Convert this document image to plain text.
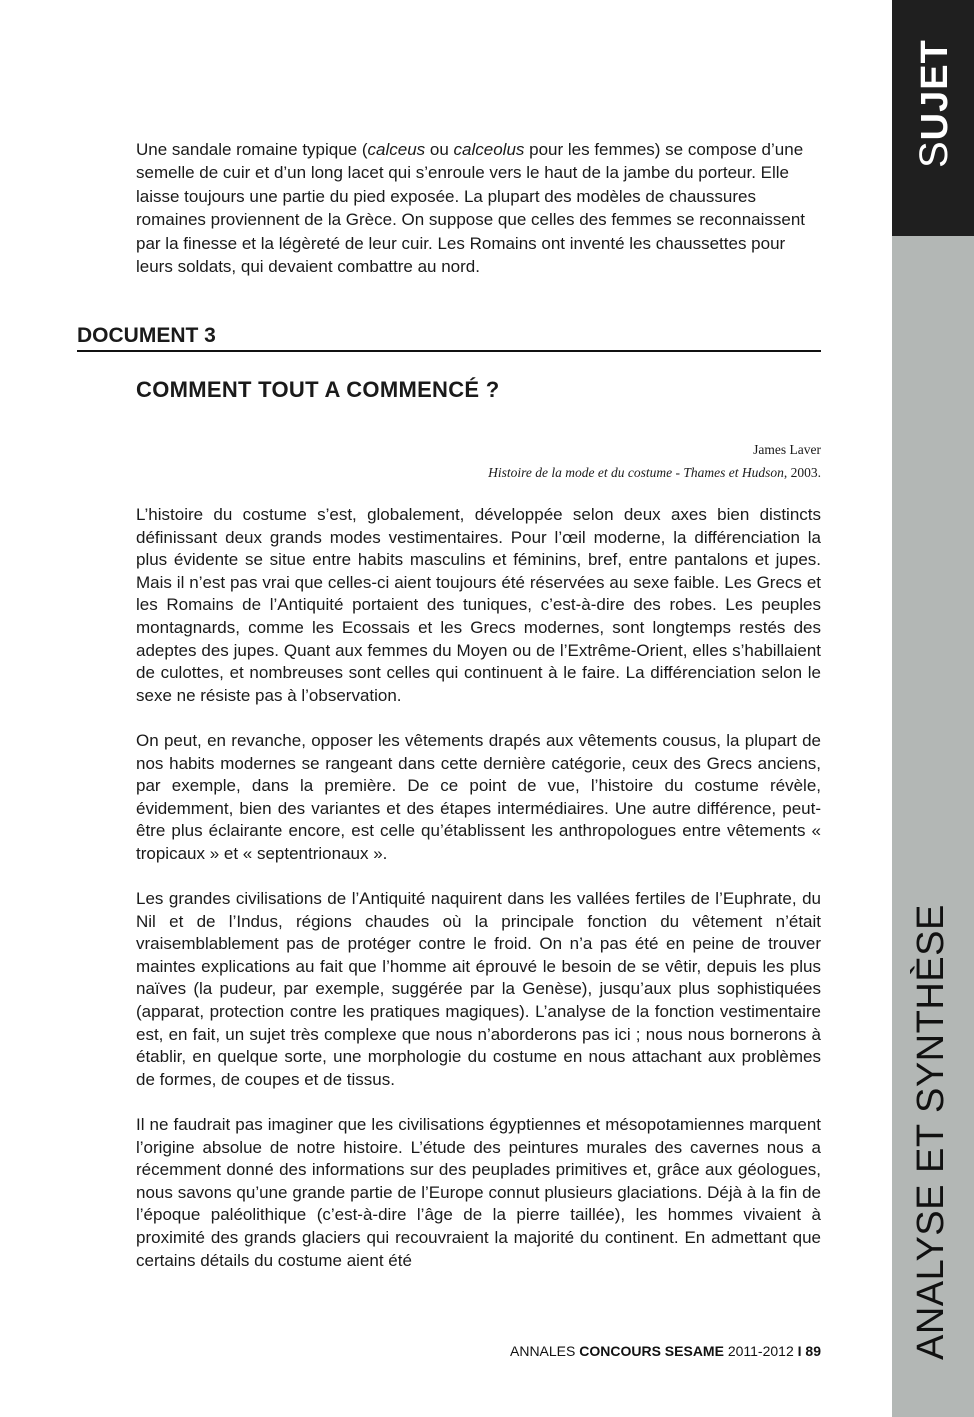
SUJET
ANALYSE ET SYNTHÈSE

Une sandale romaine typique (calceus ou calceolus pour les femmes) se compose d’une semelle de cuir et d’un long lacet qui s’enroule vers le haut de la jambe du porteur. Elle laisse toujours une partie du pied exposée. La plupart des modèles de chaussures romaines proviennent de la Grèce. On suppose que celles des femmes se reconnaissent par la finesse et la légèreté de leur cuir. Les Romains ont inventé les chaussettes pour leurs soldats, qui devaient combattre au nord.

DOCUMENT 3
COMMENT TOUT A COMMENCÉ ?
James Laver
Histoire de la mode et du costume - Thames et Hudson, 2003.

L’histoire du costume s’est, globalement, développée selon deux axes bien distincts définissant deux grands modes vestimentaires. Pour l’œil moderne, la différenciation la plus évidente se situe entre habits masculins et féminins, bref, entre pantalons et jupes. Mais il n’est pas vrai que celles-ci aient toujours été réservées au sexe faible. Les Grecs et les Romains de l’Antiquité portaient des tuniques, c’est-à-dire des robes. Les peuples montagnards, comme les Ecossais et les Grecs modernes, sont longtemps restés des adeptes des jupes. Quant aux femmes du Moyen ou de l’Extrême-Orient, elles s’habillaient de culottes, et nombreuses sont celles qui continuent à le faire. La différenciation selon le sexe ne résiste pas à l’observation.

On peut, en revanche, opposer les vêtements drapés aux vêtements cousus, la plupart de nos habits modernes se rangeant dans cette dernière catégorie, ceux des Grecs anciens, par exemple, dans la première. De ce point de vue, l’histoire du costume révèle, évidemment, bien des variantes et des étapes intermédiaires. Une autre différence, peut-être plus éclairante encore, est celle qu’établissent les anthropologues entre vêtements « tropicaux » et « septentrionaux ».

Les grandes civilisations de l’Antiquité naquirent dans les vallées fertiles de l’Euphrate, du Nil et de l’Indus, régions chaudes où la principale fonction du vêtement n’était vraisemblablement pas de protéger contre le froid. On n’a pas été en peine de trouver maintes explications au fait que l’homme ait éprouvé le besoin de se vêtir, depuis les plus naïves (la pudeur, par exemple, suggérée par la Genèse), jusqu’aux plus sophistiquées (apparat, protection contre les pratiques magiques). L’analyse de la fonction vestimentaire est, en fait, un sujet très complexe que nous n’aborderons pas ici ; nous nous bornerons à établir, en quelque sorte, une morphologie du costume en nous attachant aux problèmes de formes, de coupes et de tissus.

Il ne faudrait pas imaginer que les civilisations égyptiennes et mésopotamiennes marquent l’origine absolue de notre histoire. L’étude des peintures murales des cavernes nous a récemment donné des informations sur des peuplades primitives et, grâce aux géologues, nous savons qu’une grande partie de l’Europe connut plusieurs glaciations. Déjà à la fin de l’époque paléolithique (c’est-à-dire l’âge de la pierre taillée), les hommes vivaient à proximité des grands glaciers qui recouvraient la majorité du continent. En admettant que certains détails du costume aient été

ANNALES CONCOURS SESAME 2011-2012 I 89
